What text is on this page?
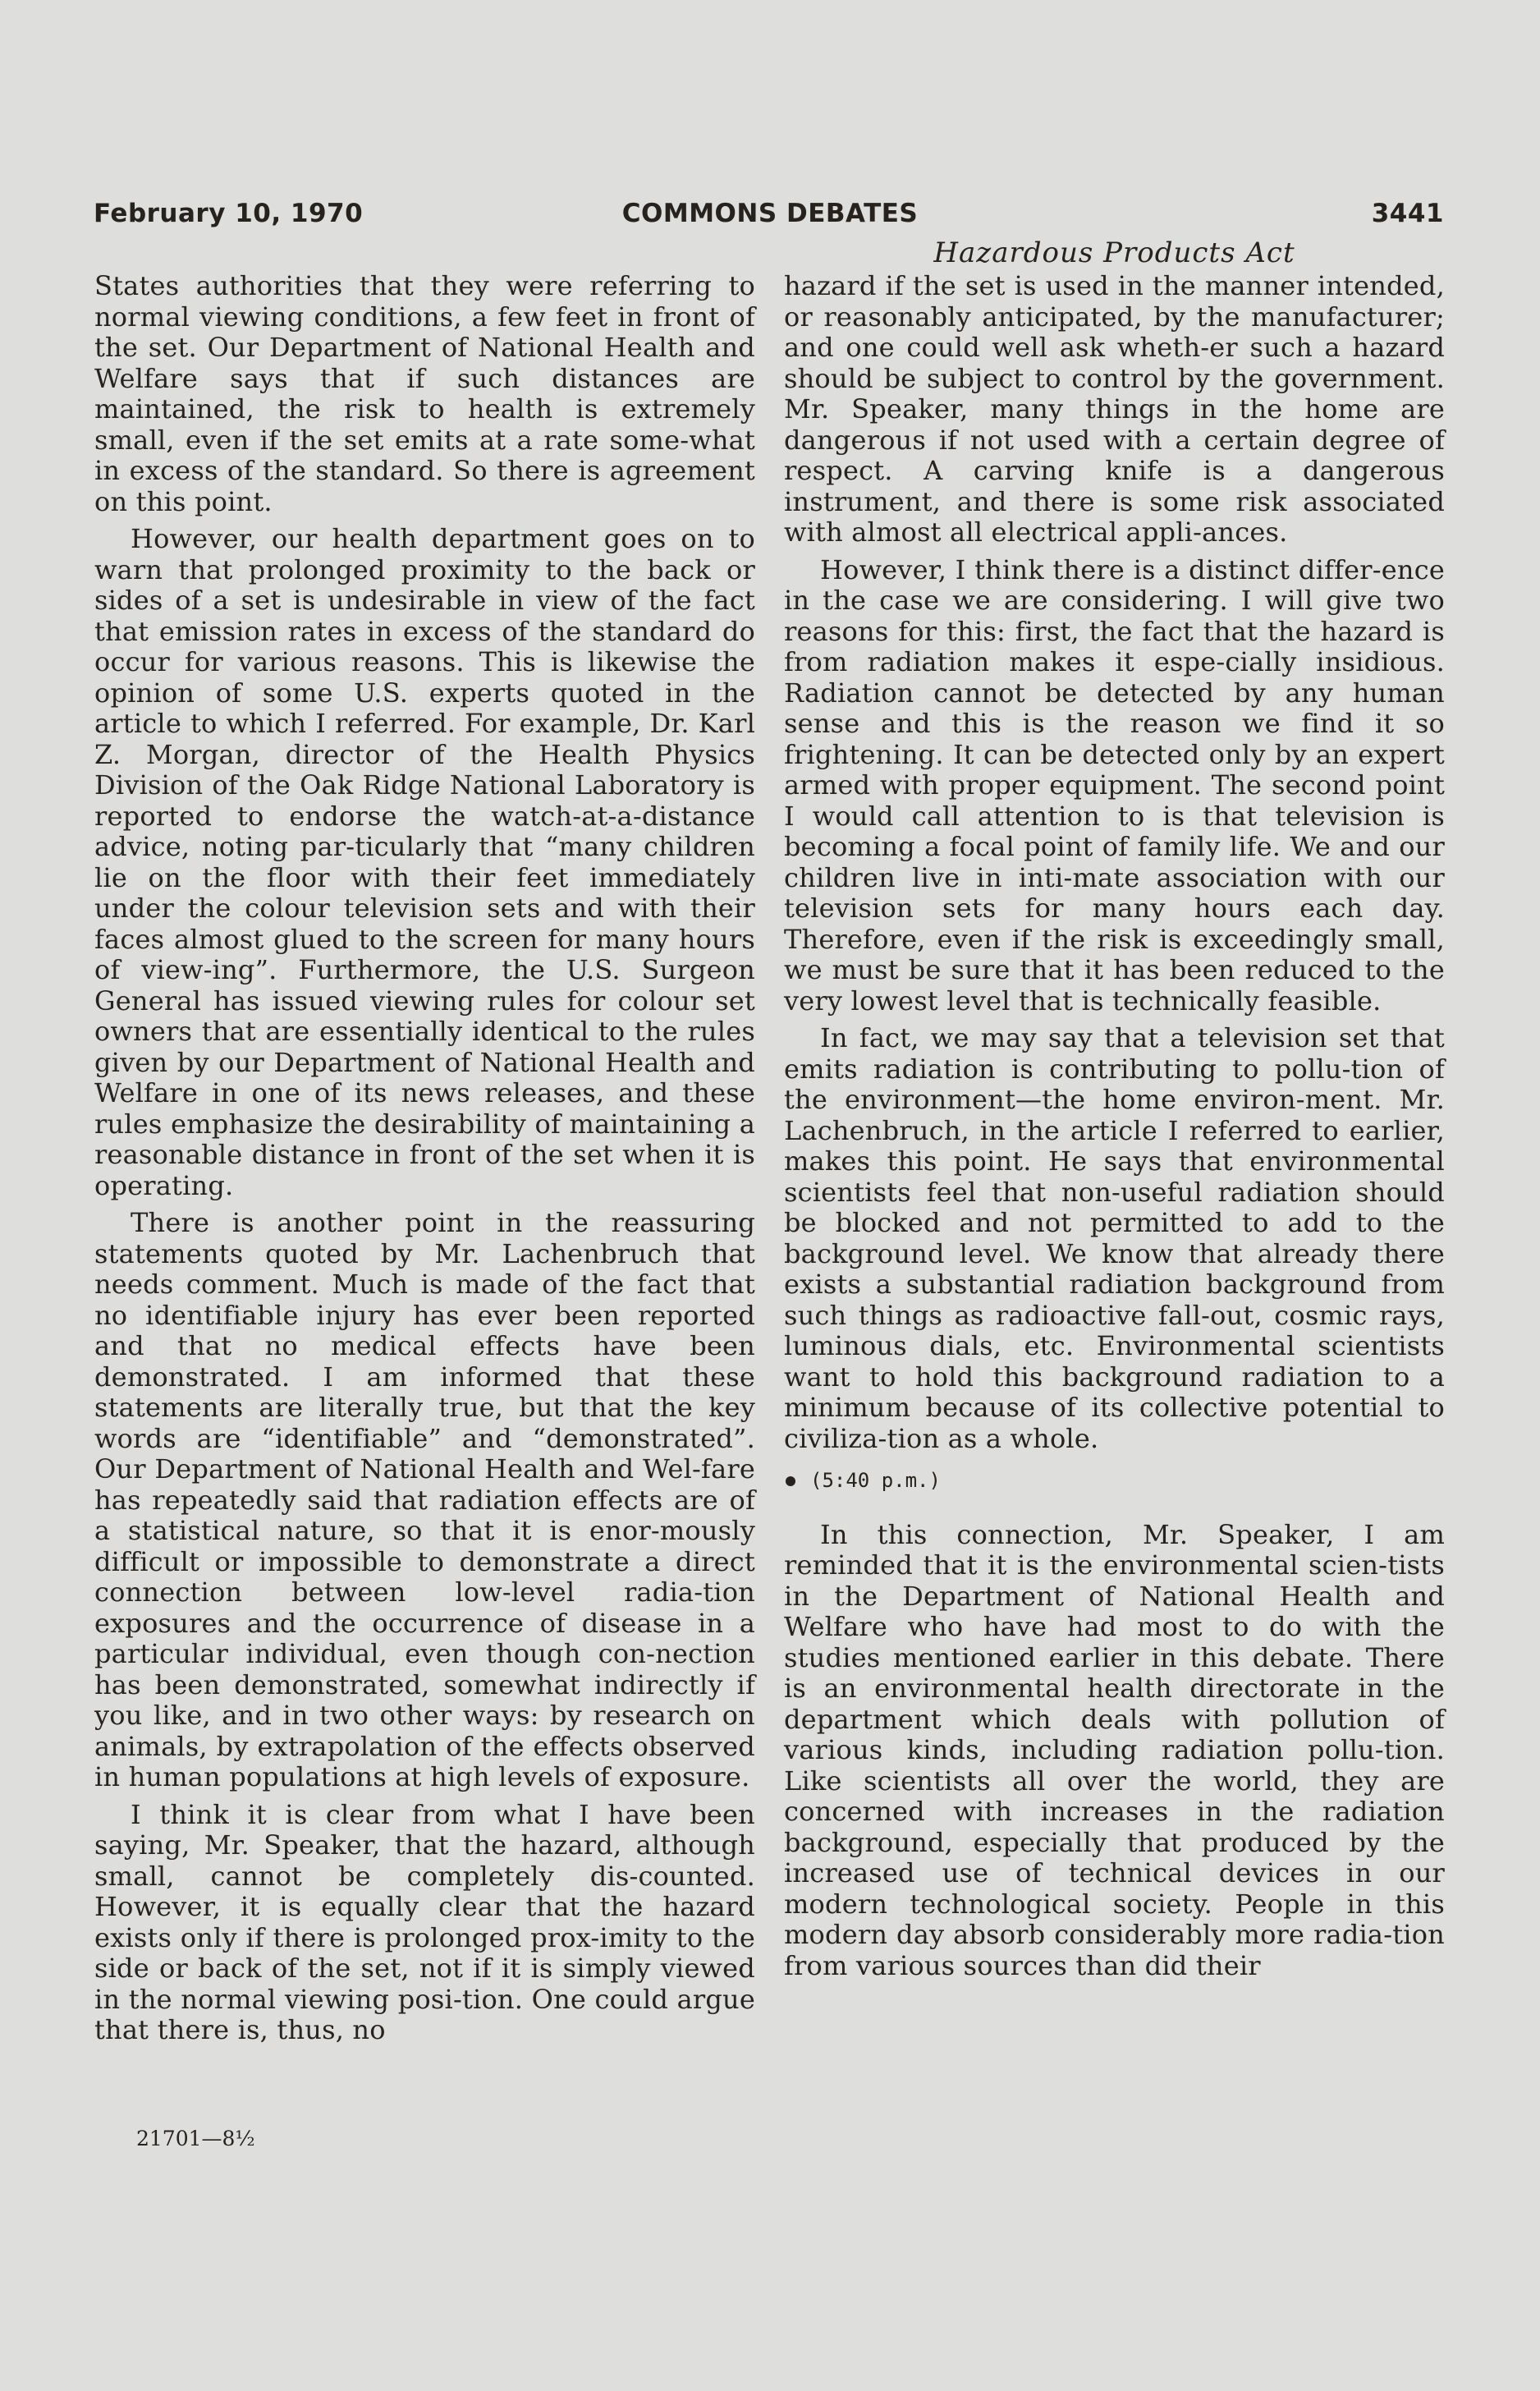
February 10, 1970	COMMONS DEBATES	3441
Hazardous Products Act

States authorities that they were referring to normal viewing conditions, a few feet in front of the set. Our Department of National Health and Welfare says that if such distances are maintained, the risk to health is extremely small, even if the set emits at a rate some-what in excess of the standard. So there is agreement on this point.

However, our health department goes on to warn that prolonged proximity to the back or sides of a set is undesirable in view of the fact that emission rates in excess of the standard do occur for various reasons. This is likewise the opinion of some U.S. experts quoted in the article to which I referred. For example, Dr. Karl Z. Morgan, director of the Health Physics Division of the Oak Ridge National Laboratory is reported to endorse the watch-at-a-distance advice, noting par-ticularly that “many children lie on the floor with their feet immediately under the colour television sets and with their faces almost glued to the screen for many hours of view-ing”. Furthermore, the U.S. Surgeon General has issued viewing rules for colour set owners that are essentially identical to the rules given by our Department of National Health and Welfare in one of its news releases, and these rules emphasize the desirability of maintaining a reasonable distance in front of the set when it is operating.

There is another point in the reassuring statements quoted by Mr. Lachenbruch that needs comment. Much is made of the fact that no identifiable injury has ever been reported and that no medical effects have been demonstrated. I am informed that these statements are literally true, but that the key words are “identifiable” and “demonstrated”. Our Department of National Health and Wel-fare has repeatedly said that radiation effects are of a statistical nature, so that it is enor-mously difficult or impossible to demonstrate a direct connection between low-level radia-tion exposures and the occurrence of disease in a particular individual, even though con-nection has been demonstrated, somewhat indirectly if you like, and in two other ways: by research on animals, by extrapolation of the effects observed in human populations at high levels of exposure.

I think it is clear from what I have been saying, Mr. Speaker, that the hazard, although small, cannot be completely dis-counted. However, it is equally clear that the hazard exists only if there is prolonged prox-imity to the side or back of the set, not if it is simply viewed in the normal viewing posi-tion. One could argue that there is, thus, no

hazard if the set is used in the manner intended, or reasonably anticipated, by the manufacturer; and one could well ask wheth-er such a hazard should be subject to control by the government. Mr. Speaker, many things in the home are dangerous if not used with a certain degree of respect. A carving knife is a dangerous instrument, and there is some risk associated with almost all electrical appli-ances.

However, I think there is a distinct differ-ence in the case we are considering. I will give two reasons for this: first, the fact that the hazard is from radiation makes it espe-cially insidious. Radiation cannot be detected by any human sense and this is the reason we find it so frightening. It can be detected only by an expert armed with proper equipment. The second point I would call attention to is that television is becoming a focal point of family life. We and our children live in inti-mate association with our television sets for many hours each day. Therefore, even if the risk is exceedingly small, we must be sure that it has been reduced to the very lowest level that is technically feasible.

In fact, we may say that a television set that emits radiation is contributing to pollu-tion of the environment—the home environ-ment. Mr. Lachenbruch, in the article I referred to earlier, makes this point. He says that environmental scientists feel that non-useful radiation should be blocked and not permitted to add to the background level. We know that already there exists a substantial radiation background from such things as radioactive fall-out, cosmic rays, luminous dials, etc. Environmental scientists want to hold this background radiation to a minimum because of its collective potential to civiliza-tion as a whole.

(5:40 p.m.)

In this connection, Mr. Speaker, I am reminded that it is the environmental scien-tists in the Department of National Health and Welfare who have had most to do with the studies mentioned earlier in this debate. There is an environmental health directorate in the department which deals with pollution of various kinds, including radiation pollu-tion. Like scientists all over the world, they are concerned with increases in the radiation background, especially that produced by the increased use of technical devices in our modern technological society. People in this modern day absorb considerably more radia-tion from various sources than did their

21701—8½
